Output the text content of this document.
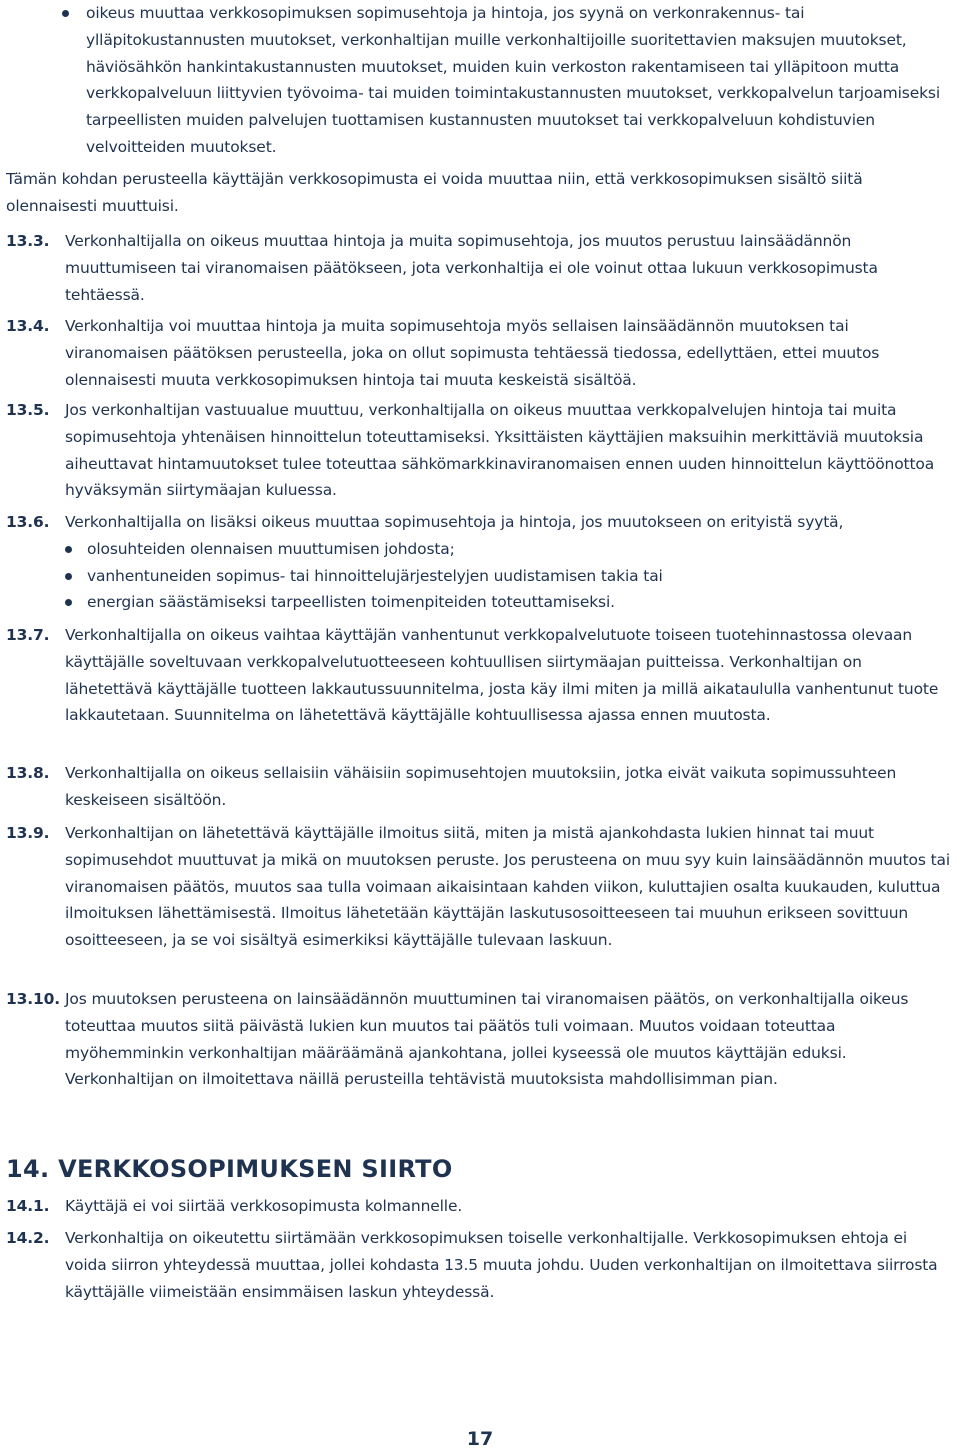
oikeus muuttaa verkkosopimuksen sopimusehtoja ja hintoja, jos syynä on verkonrakennus- tai ylläpitokustannusten muutokset, verkonhaltijan muille verkonhaltijoille suoritettavien maksujen muutokset, häviösähkön hankintakustannusten muutokset, muiden kuin verkoston rakentamiseen tai ylläpitoon mutta verkkopalveluun liittyvien työvoima- tai muiden toimintakustannusten muutokset, verkkopalvelun tarjoamiseksi tarpeellisten muiden palvelujen tuottamisen kustannusten muutokset tai verkkopalveluun kohdistuvien velvoitteiden muutokset.
Tämän kohdan perusteella käyttäjän verkkosopimusta ei voida muuttaa niin, että verkkosopimuksen sisältö siitä olennaisesti muuttuisi.
13.3.	Verkonhaltijalla on oikeus muuttaa hintoja ja muita sopimusehtoja, jos muutos perustuu lainsäädännön muuttumiseen tai viranomaisen päätökseen, jota verkonhaltija ei ole voinut ottaa lukuun verkkosopimusta tehtäessä.
13.4.	Verkonhaltija voi muuttaa hintoja ja muita sopimusehtoja myös sellaisen lainsäädännön muutoksen tai viranomaisen päätöksen perusteella, joka on ollut sopimusta tehtäessä tiedossa, edellyttäen, ettei muutos olennaisesti muuta verkkosopimuksen hintoja tai muuta keskeistä sisältöä.
13.5.	Jos verkonhaltijan vastuualue muuttuu, verkonhaltijalla on oikeus muuttaa verkkopalvelujen hintoja tai muita sopimusehtoja yhtenäisen hinnoittelun toteuttamiseksi. Yksittäisten käyttäjien maksuihin merkittäviä muutoksia aiheuttavat hintamuutokset tulee toteuttaa sähkömarkkinaviranomaisen ennen uuden hinnoittelun käyttöönottoa hyväksymän siirtymäajan kuluessa.
13.6.	Verkonhaltijalla on lisäksi oikeus muuttaa sopimusehtoja ja hintoja, jos muutokseen on erityistä syytä,
olosuhteiden olennaisen muuttumisen johdosta;
vanhentuneiden sopimus- tai hinnoittelujärjestelyjen uudistamisen takia tai
energian säästämiseksi tarpeellisten toimenpiteiden toteuttamiseksi.
13.7.	Verkonhaltijalla on oikeus vaihtaa käyttäjän vanhentunut verkkopalvelutuote toiseen tuotehinnastossa olevaan käyttäjälle soveltuvaan verkkopalvelutuotteeseen kohtuullisen siirtymäajan puitteissa. Verkonhaltijan on lähetettävä käyttäjälle tuotteen lakkautussuunnitelma, josta käy ilmi miten ja millä aikataululla vanhentunut tuote lakkautetaan. Suunnitelma on lähetettävä käyttäjälle kohtuullisessa ajassa ennen muutosta.
13.8.	Verkonhaltijalla on oikeus sellaisiin vähäisiin sopimusehtojen muutoksiin, jotka eivät vaikuta sopimussuhteen keskeiseen sisältöön.
13.9.	Verkonhaltijan on lähetettävä käyttäjälle ilmoitus siitä, miten ja mistä ajankohdasta lukien hinnat tai muut sopimusehdot muuttuvat ja mikä on muutoksen peruste. Jos perusteena on muu syy kuin lainsäädännön muutos tai viranomaisen päätös, muutos saa tulla voimaan aikaisintaan kahden viikon, kuluttajien osalta kuukauden, kuluttua ilmoituksen lähettämisestä. Ilmoitus lähetetään käyttäjän laskutusosoitteeseen tai muuhun erikseen sovittuun osoitteeseen, ja se voi sisältyä esimerkiksi käyttäjälle tulevaan laskuun.
13.10. Jos muutoksen perusteena on lainsäädännön muuttuminen tai viranomaisen päätös, on verkonhaltijalla oikeus toteuttaa muutos siitä päivästä lukien kun muutos tai päätös tuli voimaan. Muutos voidaan toteuttaa myöhemminkin verkonhaltijan määräämänä ajankohtana, jollei kyseessä ole muutos käyttäjän eduksi. Verkonhaltijan on ilmoitettava näillä perusteilla tehtävistä muutoksista mahdollisimman pian.
14. VERKKOSOPIMUKSEN SIIRTO
14.1.	Käyttäjä ei voi siirtää verkkosopimusta kolmannelle.
14.2.	Verkonhaltija on oikeutettu siirtämään verkkosopimuksen toiselle verkonhaltijalle. Verkkosopimuksen ehtoja ei voida siirron yhteydessä muuttaa, jollei kohdasta 13.5 muuta johdu. Uuden verkonhaltijan on ilmoitettava siirrosta käyttäjälle viimeistään ensimmäisen laskun yhteydessä.
17
